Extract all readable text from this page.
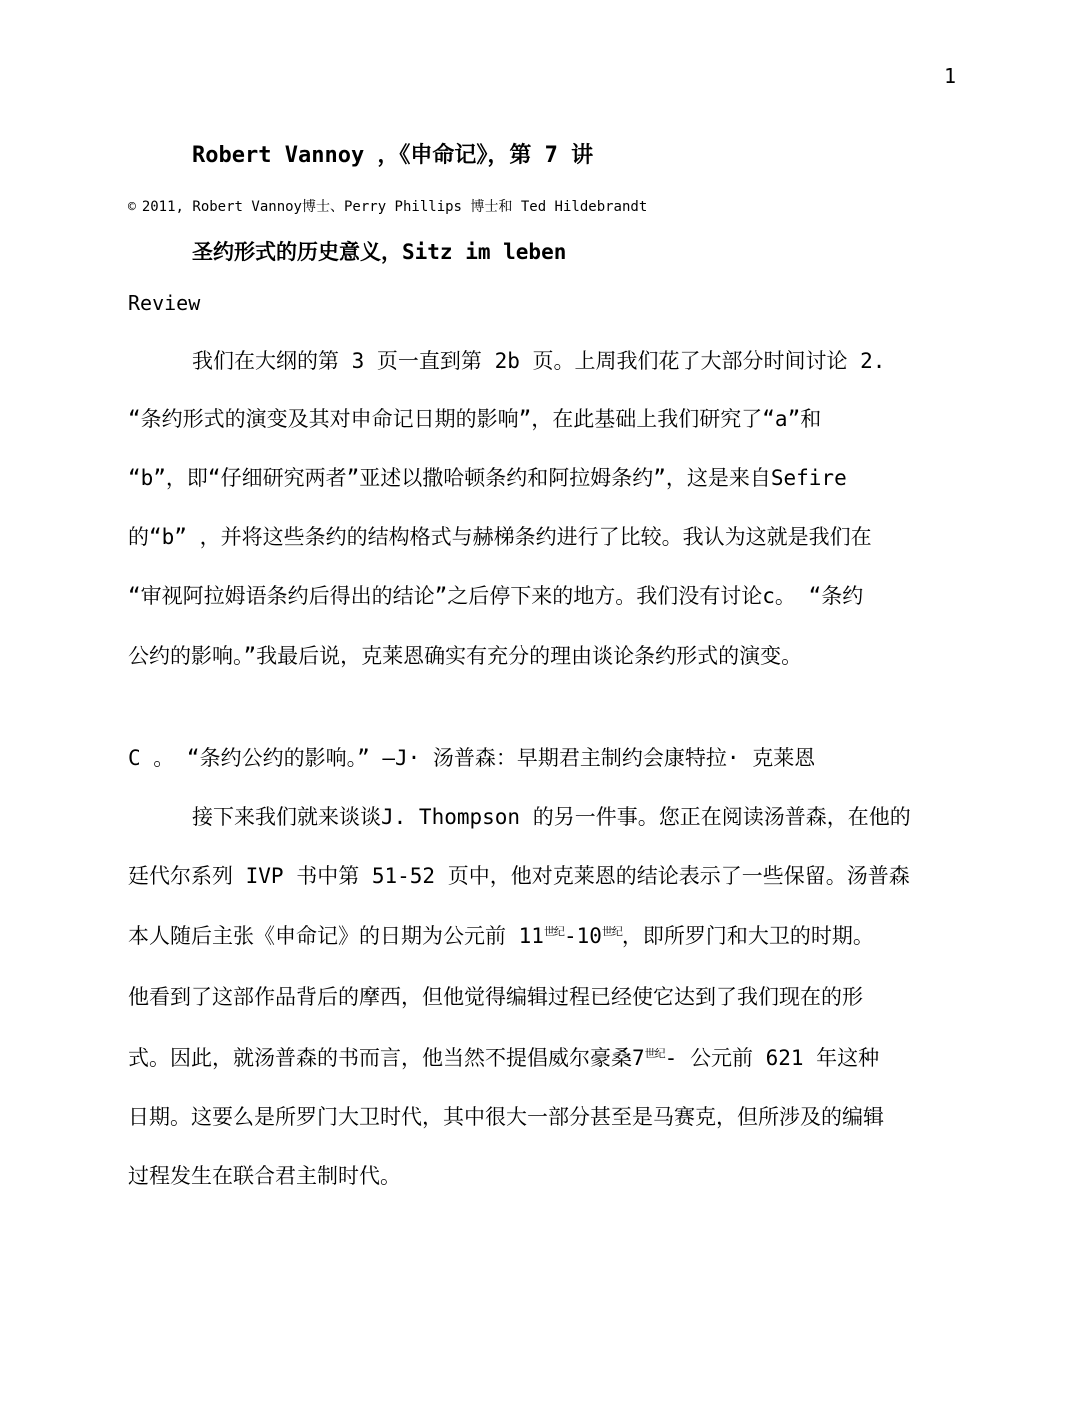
1
Robert Vannoy ，《申命记》，第 7 讲
© 2011, Robert Vannoy博士、Perry Phillips 博士和 Ted Hildebrandt
圣约形式的历史意义，Sitz im leben
Review
我们在大纲的第 3 页一直到第 2b 页。上周我们花了大部分时间讨论 2.
“条约形式的演变及其对申命记日期的影响”，在此基础上我们研究了“a”和
“b”，即“仔细研究两者”亚述以撒哈顿条约和阿拉姆条约”，这是来自Sefire
的“b” ，并将这些条约的结构格式与赫梯条约进行了比较。我认为这就是我们在
“审视阿拉姆语条约后得出的结论”之后停下来的地方。我们没有讨论c。 “条约
公约的影响。”我最后说，克莱恩确实有充分的理由谈论条约形式的演变。
C 。 “条约公约的影响。” —J· 汤普森：早期君主制约会康特拉· 克莱恩
接下来我们就来谈谈J. Thompson 的另一件事。您正在阅读汤普森，在他的
廷代尔系列 IVP 书中第 51-52 页中，他对克莱恩的结论表示了一些保留。汤普森
本人随后主张《申命记》的日期为公元前 $11^{世纪}-10^{世纪}$，即所罗门和大卫的时期。
他看到了这部作品背后的摩西，但他觉得编辑过程已经使它达到了我们现在的形
式。因此，就汤普森的书而言，他当然不提倡威尔豪桑$7^{世纪}-$ 公元前 621 年这种
日期。这要么是所罗门大卫时代，其中很大一部分甚至是马赛克，但所涉及的编辑
过程发生在联合君主制时代。
